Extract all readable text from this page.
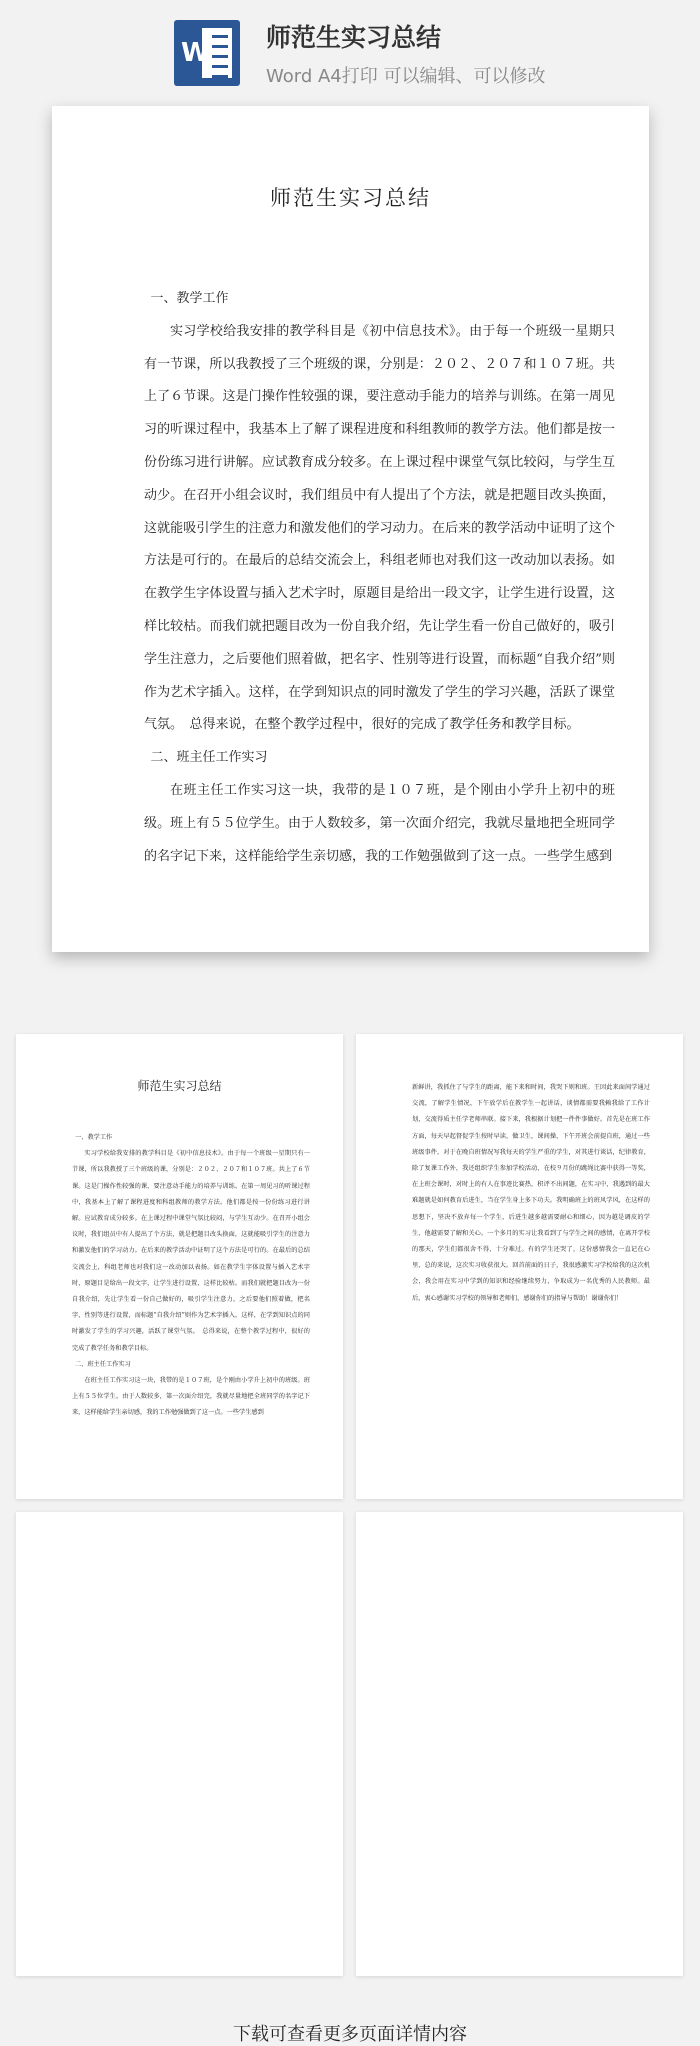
W
师范生实习总结
Word A4打印 可以编辑、可以修改
师范生实习总结
一、教学工作

实习学校给我安排的教学科目是《初中信息技术》。由于每一个班级一星期只有一节课，所以我教授了三个班级的课，分别是：２０２、２０７和１０７班。共上了６节课。这是门操作性较强的课，要注意动手能力的培养与训练。在第一周见习的听课过程中，我基本上了解了课程进度和科组教师的教学方法。他们都是按一份份练习进行讲解。应试教育成分较多。在上课过程中课堂气氛比较闷，与学生互动少。在召开小组会议时，我们组员中有人提出了个方法，就是把题目改头换面，这就能吸引学生的注意力和激发他们的学习动力。在后来的教学活动中证明了这个方法是可行的。在最后的总结交流会上，科组老师也对我们这一改动加以表扬。如在教学生字体设置与插入艺术字时，原题目是给出一段文字，让学生进行设置，这样比较枯。而我们就把题目改为一份自我介绍，先让学生看一份自己做好的，吸引学生注意力，之后要他们照着做，把名字、性别等进行设置，而标题“自我介绍”则作为艺术字插入。这样，在学到知识点的同时激发了学生的学习兴趣，活跃了课堂气氛。　总得来说，在整个教学过程中，很好的完成了教学任务和教学目标。

二、班主任工作实习

在班主任工作实习这一块，我带的是１０７班，是个刚由小学升上初中的班级。班上有５５位学生。由于人数较多，第一次面介绍完，我就尽量地把全班同学的名字记下来，这样能给学生亲切感，我的工作勉强做到了这一点。一些学生感到

师范生实习总结
一、教学工作

实习学校给我安排的教学科目是《初中信息技术》。由于每一个班级一星期只有一节课，所以我教授了三个班级的课，分别是：２０２、２０７和１０７班。共上了６节课。这是门操作性较强的课，要注意动手能力的培养与训练。在第一周见习的听课过程中，我基本上了解了课程进度和科组教师的教学方法。他们都是按一份份练习进行讲解。应试教育成分较多。在上课过程中课堂气氛比较闷，与学生互动少。在召开小组会议时，我们组员中有人提出了个方法，就是把题目改头换面，这就能吸引学生的注意力和激发他们的学习动力。在后来的教学活动中证明了这个方法是可行的。在最后的总结交流会上，科组老师也对我们这一改动加以表扬。如在教学生字体设置与插入艺术字时，原题目是给出一段文字，让学生进行设置，这样比较枯。而我们就把题目改为一份自我介绍，先让学生看一份自己做好的，吸引学生注意力，之后要他们照着做，把名字、性别等进行设置，而标题“自我介绍”则作为艺术字插入。这样，在学到知识点的同时激发了学生的学习兴趣，活跃了课堂气氛。　总得来说，在整个教学过程中，很好的完成了教学任务和教学目标。

二、班主任工作实习

在班主任工作实习这一块，我带的是１０７班，是个刚由小学升上初中的班级。班上有５５位学生。由于人数较多，第一次面介绍完，我就尽量地把全班同学的名字记下来，这样能给学生亲切感，我的工作勉强做到了这一点。一些学生感到

新鲜讲，我抓住了与学生的距离，能下来和时间，我哭下则和班。王因此来面间学通过交流，了解学生情况，下午放学后在教学生一起讲话，谈情都需要我赖我给了工作计划，交流得质主任学老师串联。接下来，我根据计划把一件件事做好。首先是在班工作方面，每天早起督促学生按时早读，做卫生，课间操，下午开班会前提自班，通过一些班级事件，对于在晚自班情况写我每天的学生严重的学生，对其进行谈话，纪律教育，除了复课工作外，我还组织学生参加学校活动，在校９月份的跳绳比赛中获得一等奖，在上班会课时，对时上的有人在事迹比赛热，积评不出间题，在实习中，我遇到的最大难题就是如何教育后进生，当在学生身上多下功夫。我明确班上的班风学风，在这样的思想下，坚决不放弃每一个学生，后进生越多越需要耐心和细心，因为越是调皮的学生，他越需要了解和关心。一个多月的实习让我看到了与学生之间的感情，在离开学校的那天，学生们都很舍不得，十分难过。有的学生还哭了，这份感情我会一直记在心里，总的来说，这次实习收获很大。回首前面的日子，我很感激实习学校给我的这次机会，我会用在实习中学到的知识和经验继续努力，争取成为一名优秀的人民教师。最后，衷心感谢实习学校的领导和老师们，感谢你们的指导与帮助！谢谢你们！

下载可查看更多页面详情内容
